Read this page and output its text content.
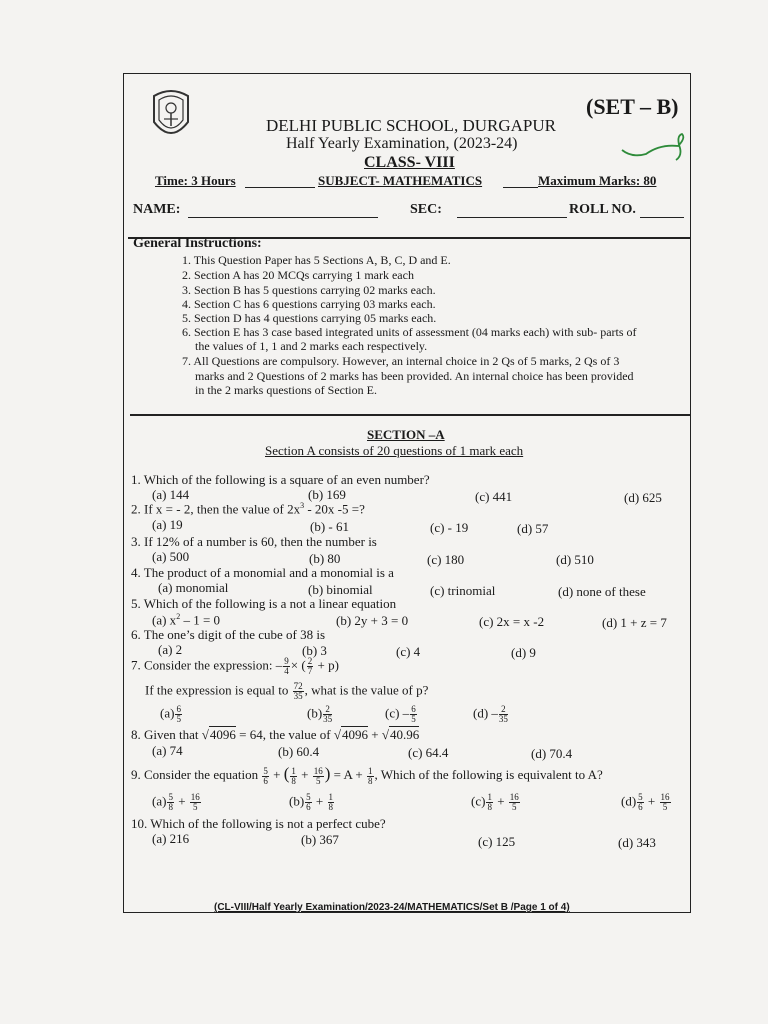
(SET – B)
DELHI PUBLIC SCHOOL, DURGAPUR
Half Yearly Examination, (2023-24)
CLASS- VIII
Time: 3 Hours	SUBJECT- MATHEMATICS	Maximum Marks: 80
NAME:	SEC:	ROLL NO.
General Instructions:
1. This Question Paper has 5 Sections A, B, C, D and E.
2. Section A has 20 MCQs carrying 1 mark each
3. Section B has 5 questions carrying 02 marks each.
4. Section C has 6 questions carrying 03 marks each.
5. Section D has 4 questions carrying 05 marks each.
6. Section E has 3 case based integrated units of assessment (04 marks each) with sub- parts of
the values of 1, 1 and 2 marks each respectively.
7. All Questions are compulsory. However, an internal choice in 2 Qs of 5 marks, 2 Qs of 3
marks and 2 Questions of 2 marks has been provided. An internal choice has been provided
in the 2 marks questions of Section E.
SECTION –A
Section A consists of 20 questions of 1 mark each
1. Which of the following is a square of an even number?
(a) 144	(b) 169	(c) 441	(d) 625
2. If x = - 2, then the value of $2x^3 - 20x$ -5 =?
(a) 19	(b) - 61	(c) - 19	(d) 57
3. If 12% of a number is 60, then the number is
(a) 500	(b) 80	(c) 180	(d) 510
4. The product of a monomial and a monomial is a
(a) monomial	(b) binomial	(c) trinomial	(d) none of these
5. Which of the following is a not a linear equation
(a) $x^2 - 1 = 0$	(b) 2y + 3 = 0	(c) 2x = x -2	(d) 1 + z = 7
6. The one’s digit of the cube of 38 is
(a) 2	(b) 3	(c) 4	(d) 9
7. Consider the expression: – $\frac{9}{4}$ × ( $\frac{2}{7} + p$)
If the expression is equal to $\frac{72}{35}$ , what is the value of p?
$(a) \frac{6}{5}$	$(b) \frac{2}{35}$	$(c) - \frac{6}{5}$	$(d) - \frac{2}{35}$
8. Given that √4096 = 64, the value of √4096 + √40.96
(a) 74	(b) 60.4	(c) 64.4	(d) 70.4
9. Consider the equation $\frac{5}{6}$ + ( $\frac{1}{8} + \frac{16}{5}$ ) = $A + \frac{1}{8}$ , Which of the following is equivalent to A?
$(a) \frac{5}{8} + \frac{16}{5}$	$(b) \frac{5}{6} + \frac{1}{8}$	$(c) \frac{1}{8} + \frac{16}{5}$	$(d) \frac{5}{6} + \frac{16}{5}$
10. Which of the following is not a perfect cube?
(a) 216	(b) 367	(c) 125	(d) 343
(CL-VIII/Half Yearly Examination/2023-24/MATHEMATICS/Set B /Page 1 of 4)
